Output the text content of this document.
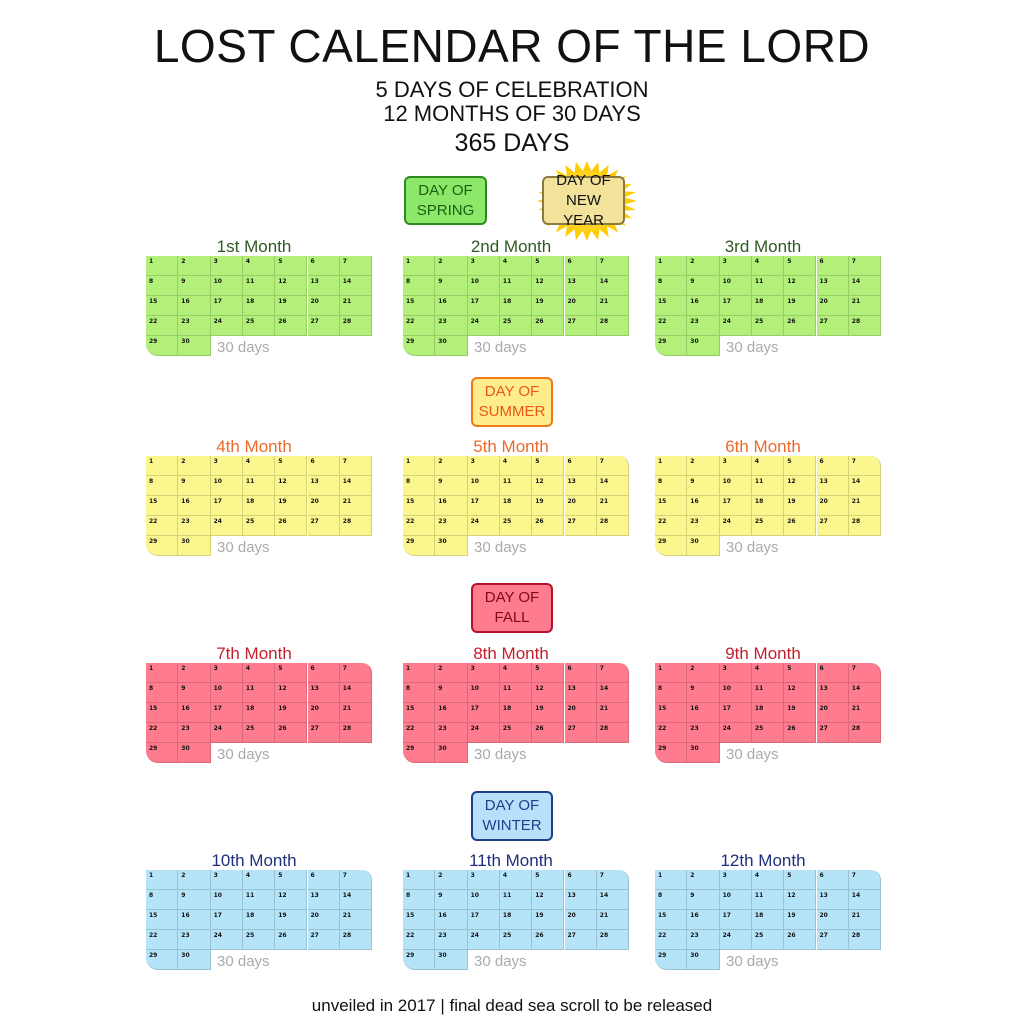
LOST CALENDAR OF THE LORD
5 DAYS OF CELEBRATION
12 MONTHS OF 30 DAYS
365 DAYS
DAY OF
SPRING
DAY OF
NEW YEAR
DAY OF
SUMMER
DAY OF
FALL
DAY OF
WINTER
1st Month
1	2	3	4	5	6	7
8	9	10	11	12	13	14
15	16	17	18	19	20	21
22	23	24	25	26	27	28
29	30	30 days
2nd Month
1	2	3	4	5	6	7
8	9	10	11	12	13	14
15	16	17	18	19	20	21
22	23	24	25	26	27	28
29	30	30 days
3rd Month
1	2	3	4	5	6	7
8	9	10	11	12	13	14
15	16	17	18	19	20	21
22	23	24	25	26	27	28
29	30	30 days
4th Month
1	2	3	4	5	6	7
8	9	10	11	12	13	14
15	16	17	18	19	20	21
22	23	24	25	26	27	28
29	30	30 days
5th Month
1	2	3	4	5	6	7
8	9	10	11	12	13	14
15	16	17	18	19	20	21
22	23	24	25	26	27	28
29	30	30 days
6th Month
1	2	3	4	5	6	7
8	9	10	11	12	13	14
15	16	17	18	19	20	21
22	23	24	25	26	27	28
29	30	30 days
7th Month
1	2	3	4	5	6	7
8	9	10	11	12	13	14
15	16	17	18	19	20	21
22	23	24	25	26	27	28
29	30	30 days
8th Month
1	2	3	4	5	6	7
8	9	10	11	12	13	14
15	16	17	18	19	20	21
22	23	24	25	26	27	28
29	30	30 days
9th Month
1	2	3	4	5	6	7
8	9	10	11	12	13	14
15	16	17	18	19	20	21
22	23	24	25	26	27	28
29	30	30 days
10th Month
1	2	3	4	5	6	7
8	9	10	11	12	13	14
15	16	17	18	19	20	21
22	23	24	25	26	27	28
29	30	30 days
11th Month
1	2	3	4	5	6	7
8	9	10	11	12	13	14
15	16	17	18	19	20	21
22	23	24	25	26	27	28
29	30	30 days
12th Month
1	2	3	4	5	6	7
8	9	10	11	12	13	14
15	16	17	18	19	20	21
22	23	24	25	26	27	28
29	30	30 days
unveiled in 2017 | final dead sea scroll to be released
